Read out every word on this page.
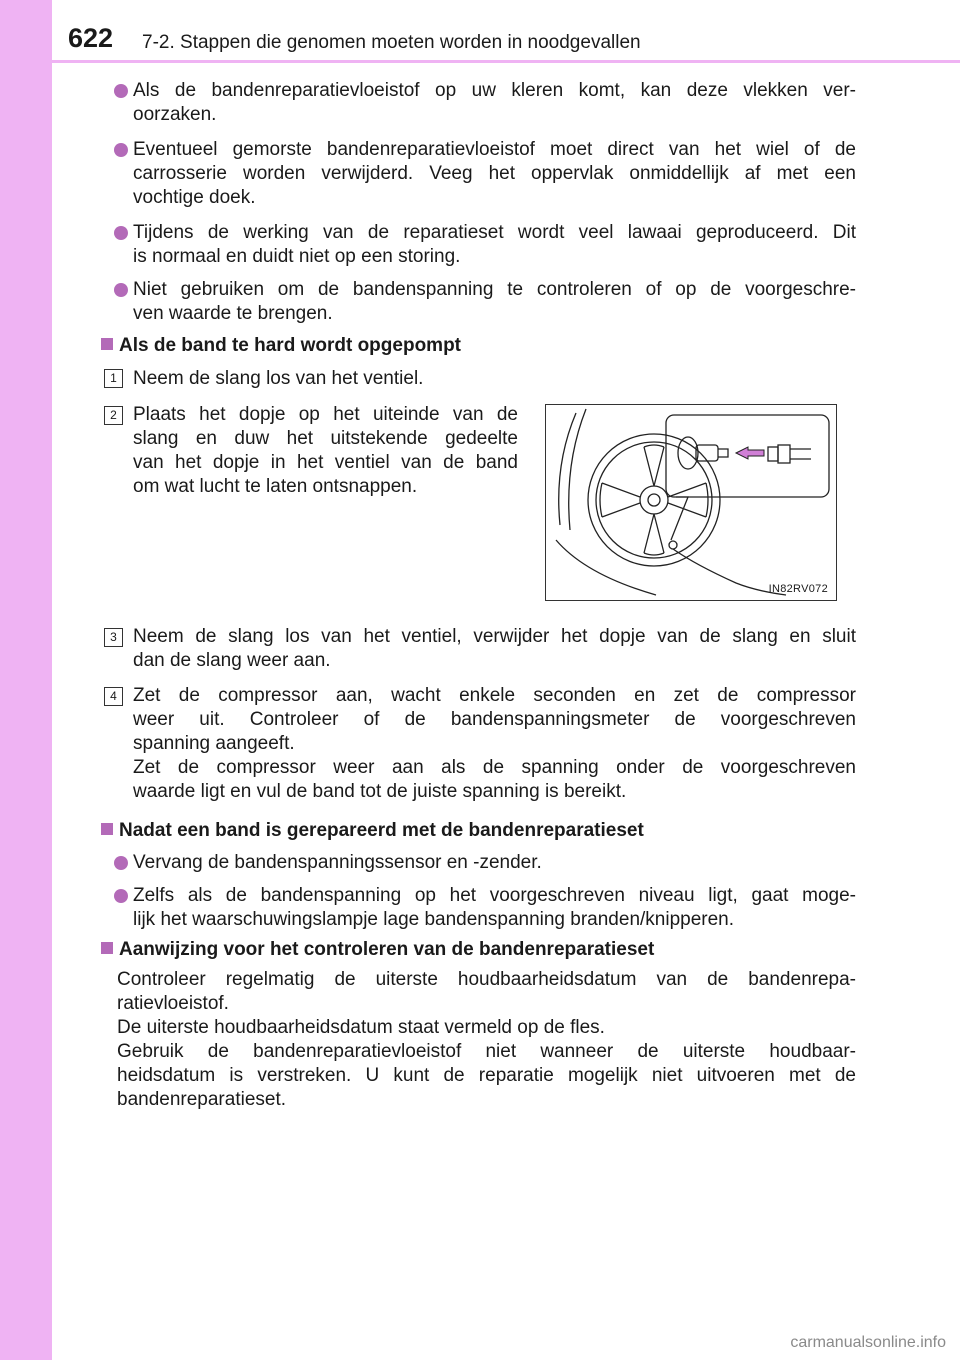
622 7-2. Stappen die genomen moeten worden in noodgevallen
Als de bandenreparatievloeistof op uw kleren komt, kan deze vlekken ver-
oorzaken.
Eventueel gemorste bandenreparatievloeistof moet direct van het wiel of de
carrosserie worden verwijderd. Veeg het oppervlak onmiddellijk af met een
vochtige doek.
Tijdens de werking van de reparatieset wordt veel lawaai geproduceerd. Dit
is normaal en duidt niet op een storing.
Niet gebruiken om de bandenspanning te controleren of op de voorgeschre-
ven waarde te brengen.
Als de band te hard wordt opgepompt
1 Neem de slang los van het ventiel.
2 Plaats het dopje op het uiteinde van de
slang en duw het uitstekende gedeelte
van het dopje in het ventiel van de band
om wat lucht te laten ontsnappen.
IN82RV072
3 Neem de slang los van het ventiel, verwijder het dopje van de slang en sluit
dan de slang weer aan.
4 Zet de compressor aan, wacht enkele seconden en zet de compressor
weer uit. Controleer of de bandenspanningsmeter de voorgeschreven
spanning aangeeft.
Zet de compressor weer aan als de spanning onder de voorgeschreven
waarde ligt en vul de band tot de juiste spanning is bereikt.
Nadat een band is gerepareerd met de bandenreparatieset
Vervang de bandenspanningssensor en -zender.
Zelfs als de bandenspanning op het voorgeschreven niveau ligt, gaat moge-
lijk het waarschuwingslampje lage bandenspanning branden/knipperen.
Aanwijzing voor het controleren van de bandenreparatieset
Controleer regelmatig de uiterste houdbaarheidsdatum van de bandenrepa-
ratievloeistof.
De uiterste houdbaarheidsdatum staat vermeld op de fles.
Gebruik de bandenreparatievloeistof niet wanneer de uiterste houdbaar-
heidsdatum is verstreken. U kunt de reparatie mogelijk niet uitvoeren met de
bandenreparatieset.
carmanualsonline.info
